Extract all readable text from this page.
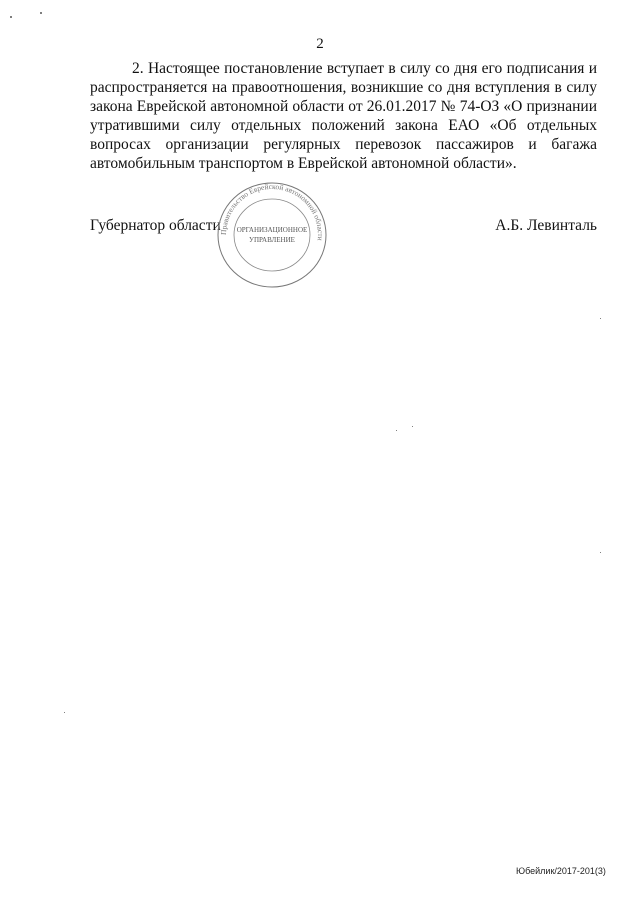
2

2. Настоящее постановление вступает в силу со дня его подписания и распространяется на правоотношения, возникшие со дня вступления в силу закона Еврейской автономной области от 26.01.2017 № 74-ОЗ «О признании утратившими силу отдельных положений закона ЕАО «Об отдельных вопросах организации регулярных перевозок пассажиров и багажа автомобильным транспортом в Еврейской автономной области».

Губернатор области	А.Б. Левинталь
Правительство Еврейской автономной области
ОРГАНИЗАЦИОННОЕ
УПРАВЛЕНИЕ
Юбейлик/2017-201(3)
